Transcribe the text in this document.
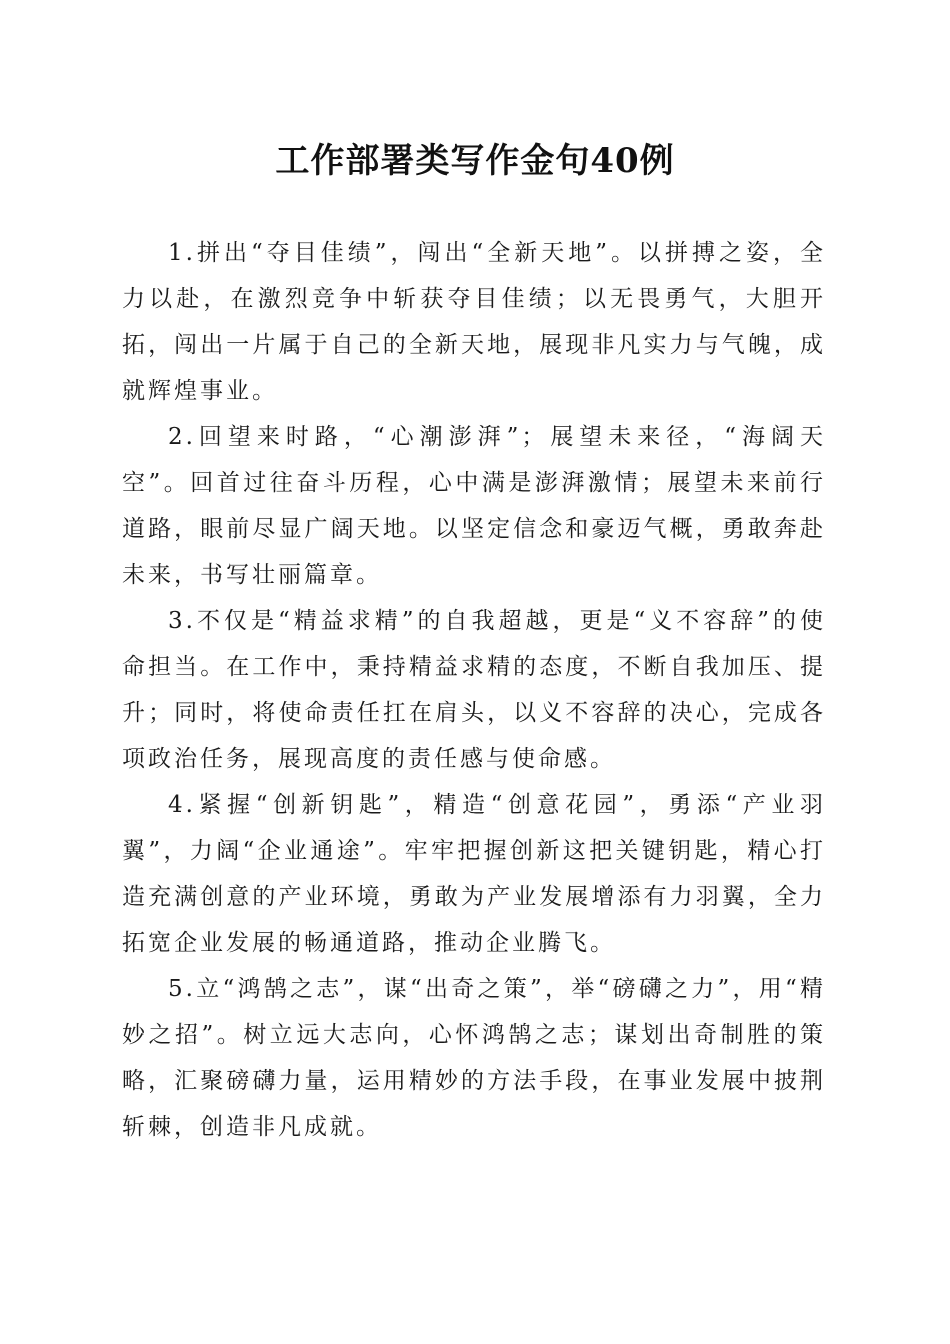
工作部署类写作金句40例

1.拼出“夺目佳绩”，闯出“全新天地”。以拼搏之姿，全力以赴，在激烈竞争中斩获夺目佳绩；以无畏勇气，大胆开拓，闯出一片属于自己的全新天地，展现非凡实力与气魄，成就辉煌事业。

2.回望来时路，“心潮澎湃”；展望未来径，“海阔天空”。回首过往奋斗历程，心中满是澎湃激情；展望未来前行道路，眼前尽显广阔天地。以坚定信念和豪迈气概，勇敢奔赴未来，书写壮丽篇章。

3.不仅是“精益求精”的自我超越，更是“义不容辞”的使命担当。在工作中，秉持精益求精的态度，不断自我加压、提升；同时，将使命责任扛在肩头，以义不容辞的决心，完成各项政治任务，展现高度的责任感与使命感。

4.紧握“创新钥匙”，精造“创意花园”，勇添“产业羽翼”，力阔“企业通途”。牢牢把握创新这把关键钥匙，精心打造充满创意的产业环境，勇敢为产业发展增添有力羽翼，全力拓宽企业发展的畅通道路，推动企业腾飞。

5.立“鸿鹄之志”，谋“出奇之策”，举“磅礴之力”，用“精妙之招”。树立远大志向，心怀鸿鹄之志；谋划出奇制胜的策略，汇聚磅礴力量，运用精妙的方法手段，在事业发展中披荆斩棘，创造非凡成就。
